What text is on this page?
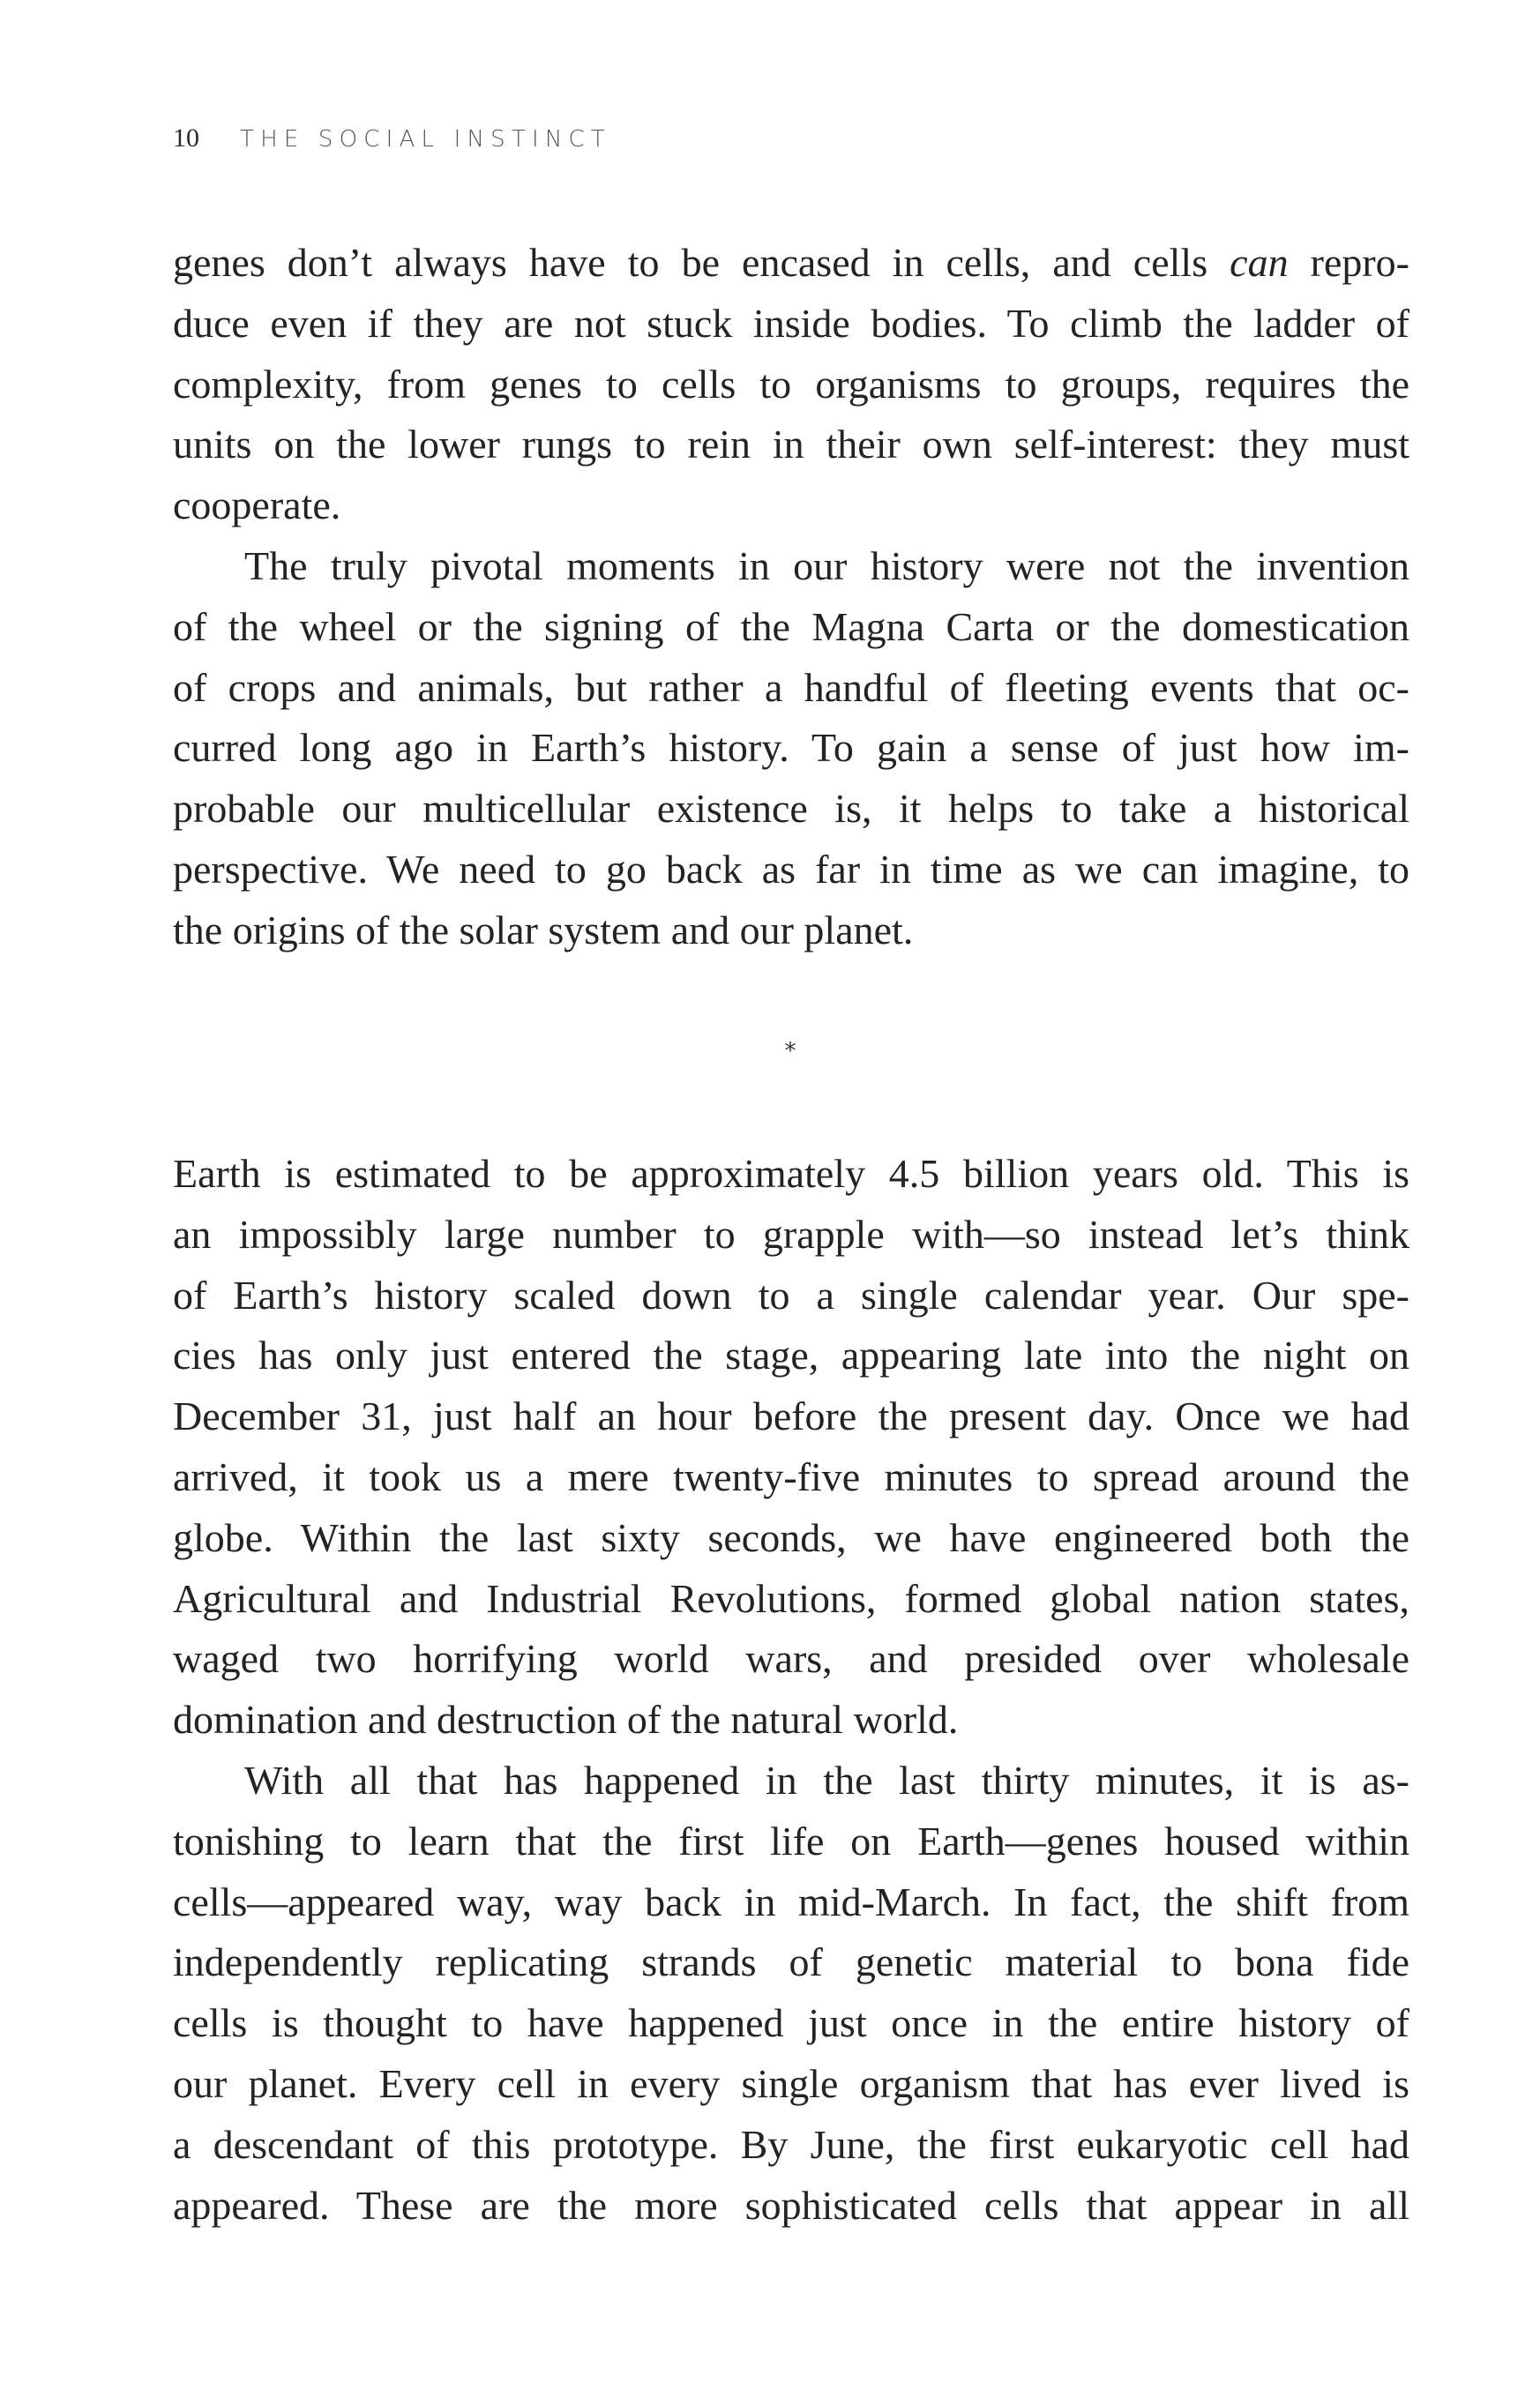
10	THE SOCIAL INSTINCT
genes don’t always have to be encased in cells, and cells can repro-
duce even if they are not stuck inside bodies. To climb the ladder of
complexity, from genes to cells to organisms to groups, requires the
units on the lower rungs to rein in their own self-interest: they must
cooperate.
The truly pivotal moments in our history were not the invention
of the wheel or the signing of the Magna Carta or the domestication
of crops and animals, but rather a handful of fleeting events that oc-
curred long ago in Earth’s history. To gain a sense of just how im-
probable our multicellular existence is, it helps to take a historical
perspective. We need to go back as far in time as we can imagine, to
the origins of the solar system and our planet.
*
Earth is estimated to be approximately 4.5 billion years old. This is
an impossibly large number to grapple with—so instead let’s think
of Earth’s history scaled down to a single calendar year. Our spe-
cies has only just entered the stage, appearing late into the night on
December 31, just half an hour before the present day. Once we had
arrived, it took us a mere twenty-five minutes to spread around the
globe. Within the last sixty seconds, we have engineered both the
Agricultural and Industrial Revolutions, formed global nation states,
waged two horrifying world wars, and presided over wholesale
domination and destruction of the natural world.
With all that has happened in the last thirty minutes, it is as-
tonishing to learn that the first life on Earth—genes housed within
cells—appeared way, way back in mid-March. In fact, the shift from
independently replicating strands of genetic material to bona fide
cells is thought to have happened just once in the entire history of
our planet. Every cell in every single organism that has ever lived is
a descendant of this prototype. By June, the first eukaryotic cell had
appeared. These are the more sophisticated cells that appear in all
